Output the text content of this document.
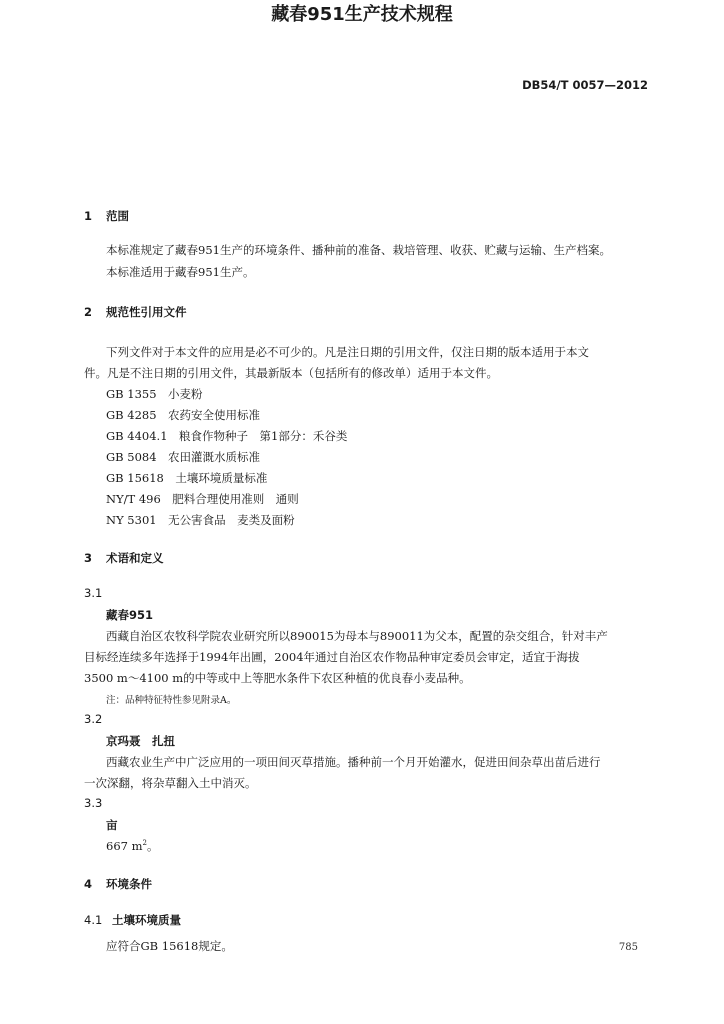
DB54/T 0057—2012
藏春951生产技术规程
1 范围
本标准规定了藏春951生产的环境条件、播种前的准备、栽培管理、收获、贮藏与运输、生产档案。
本标准适用于藏春951生产。
2 规范性引用文件
下列文件对于本文件的应用是必不可少的。凡是注日期的引用文件，仅注日期的版本适用于本文
件。凡是不注日期的引用文件，其最新版本（包括所有的修改单）适用于本文件。
GB 1355　小麦粉
GB 4285　农药安全使用标准
GB 4404.1　粮食作物种子　第1部分：禾谷类
GB 5084　农田灌溉水质标准
GB 15618　土壤环境质量标准
NY/T 496　肥料合理使用准则　通则
NY 5301　无公害食品　麦类及面粉
3 术语和定义
3.1
藏春951
西藏自治区农牧科学院农业研究所以890015为母本与890011为父本，配置的杂交组合，针对丰产
目标经连续多年选择于1994年出圃，2004年通过自治区农作物品种审定委员会审定，适宜于海拔
3500 m～4100 m的中等或中上等肥水条件下农区种植的优良春小麦品种。
注：品种特征特性参见附录A。
3.2
京玛聂　扎扭
西藏农业生产中广泛应用的一项田间灭草措施。播种前一个月开始灌水，促进田间杂草出苗后进行
一次深翻，将杂草翻入土中消灭。
3.3
亩
667 $m^2$。
4 环境条件
4.1 土壤环境质量
应符合GB 15618规定。	785
